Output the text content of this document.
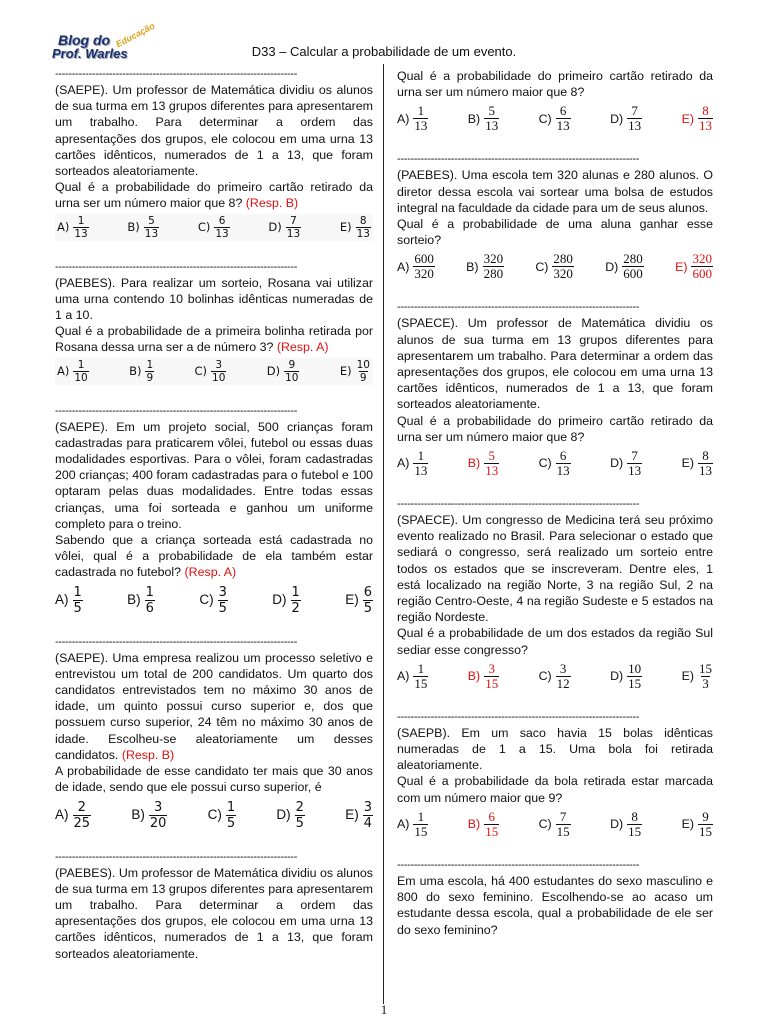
Blog do
Prof. Warles
Educação
D33 – Calcular a probabilidade de um evento.
------------------------------------------------------------------------

(SAEPE). Um professor de Matemática dividiu os alunos de sua turma em 13 grupos diferentes para apresentarem um trabalho. Para determinar a ordem das apresentações dos grupos, ele colocou em uma urna 13 cartões idênticos, numerados de 1 a 13, que foram sorteados aleatoriamente.

Qual é a probabilidade do primeiro cartão retirado da urna ser um número maior que 8? (Resp. B)

$A) \frac{1}{13}$	$B) \frac{5}{13}$	$C) \frac{6}{13}$	$D) \frac{7}{13}$	$E) \frac{8}{13}$
------------------------------------------------------------------------

(PAEBES). Para realizar um sorteio, Rosana vai utilizar uma urna contendo 10 bolinhas idênticas numeradas de 1 a 10.

Qual é a probabilidade de a primeira bolinha retirada por Rosana dessa urna ser a de número 3? (Resp. A)

$A) \frac{1}{10}$	$B) \frac{1}{9}$	$C) \frac{3}{10}$	$D) \frac{9}{10}$	$E) \frac{10}{9}$
------------------------------------------------------------------------

(SAEPE). Em um projeto social, 500 crianças foram cadastradas para praticarem vôlei, futebol ou essas duas modalidades esportivas. Para o vôlei, foram cadastradas 200 crianças; 400 foram cadastradas para o futebol e 100 optaram pelas duas modalidades. Entre todas essas crianças, uma foi sorteada e ganhou um uniforme completo para o treino.

Sabendo que a criança sorteada está cadastrada no vôlei, qual é a probabilidade de ela também estar cadastrada no futebol? (Resp. A)

$A) \frac{1}{5}$	$B) \frac{1}{6}$	$C) \frac{3}{5}$	$D) \frac{1}{2}$	$E) \frac{6}{5}$
------------------------------------------------------------------------

(SAEPE). Uma empresa realizou um processo seletivo e entrevistou um total de 200 candidatos. Um quarto dos candidatos entrevistados tem no máximo 30 anos de idade, um quinto possui curso superior e, dos que possuem curso superior, 24 têm no máximo 30 anos de idade. Escolheu-se aleatoriamente um desses candidatos. (Resp. B)

A probabilidade de esse candidato ter mais que 30 anos de idade, sendo que ele possui curso superior, é

$A) \frac{2}{25}$	$B) \frac{3}{20}$	$C) \frac{1}{5}$	$D) \frac{2}{5}$	$E) \frac{3}{4}$
------------------------------------------------------------------------

(PAEBES). Um professor de Matemática dividiu os alunos de sua turma em 13 grupos diferentes para apresentarem um trabalho. Para determinar a ordem das apresentações dos grupos, ele colocou em uma urna 13 cartões idênticos, numerados de 1 a 13, que foram sorteados aleatoriamente.

Qual é a probabilidade do primeiro cartão retirado da urna ser um número maior que 8?

$A) \frac{1}{13}$	$B) \frac{5}{13}$	$C) \frac{6}{13}$	$D) \frac{7}{13}$	$E) \frac{8}{13}$
------------------------------------------------------------------------

(PAEBES). Uma escola tem 320 alunas e 280 alunos. O diretor dessa escola vai sortear uma bolsa de estudos integral na faculdade da cidade para um de seus alunos.

Qual é a probabilidade de uma aluna ganhar esse sorteio?

$A) \frac{600}{320}$	$B) \frac{320}{280}$	$C) \frac{280}{320}$	$D) \frac{280}{600}$	$E) \frac{320}{600}$
------------------------------------------------------------------------

(SPAECE). Um professor de Matemática dividiu os alunos de sua turma em 13 grupos diferentes para apresentarem um trabalho. Para determinar a ordem das apresentações dos grupos, ele colocou em uma urna 13 cartões idênticos, numerados de 1 a 13, que foram sorteados aleatoriamente.

Qual é a probabilidade do primeiro cartão retirado da urna ser um número maior que 8?

$A) \frac{1}{13}$	$B) \frac{5}{13}$	$C) \frac{6}{13}$	$D) \frac{7}{13}$	$E) \frac{8}{13}$
------------------------------------------------------------------------

(SPAECE). Um congresso de Medicina terá seu próximo evento realizado no Brasil. Para selecionar o estado que sediará o congresso, será realizado um sorteio entre todos os estados que se inscreveram. Dentre eles, 1 está localizado na região Norte, 3 na região Sul, 2 na região Centro-Oeste, 4 na região Sudeste e 5 estados na região Nordeste.

Qual é a probabilidade de um dos estados da região Sul sediar esse congresso?

$A) \frac{1}{15}$	$B) \frac{3}{15}$	$C) \frac{3}{12}$	$D) \frac{10}{15}$	$E) \frac{15}{3}$
------------------------------------------------------------------------

(SAEPB). Em um saco havia 15 bolas idênticas numeradas de 1 a 15. Uma bola foi retirada aleatoriamente.

Qual é a probabilidade da bola retirada estar marcada com um número maior que 9?

$A) \frac{1}{15}$	$B) \frac{6}{15}$	$C) \frac{7}{15}$	$D) \frac{8}{15}$	$E) \frac{9}{15}$
------------------------------------------------------------------------

Em uma escola, há 400 estudantes do sexo masculino e 800 do sexo feminino. Escolhendo-se ao acaso um estudante dessa escola, qual a probabilidade de ele ser do sexo feminino?

1
